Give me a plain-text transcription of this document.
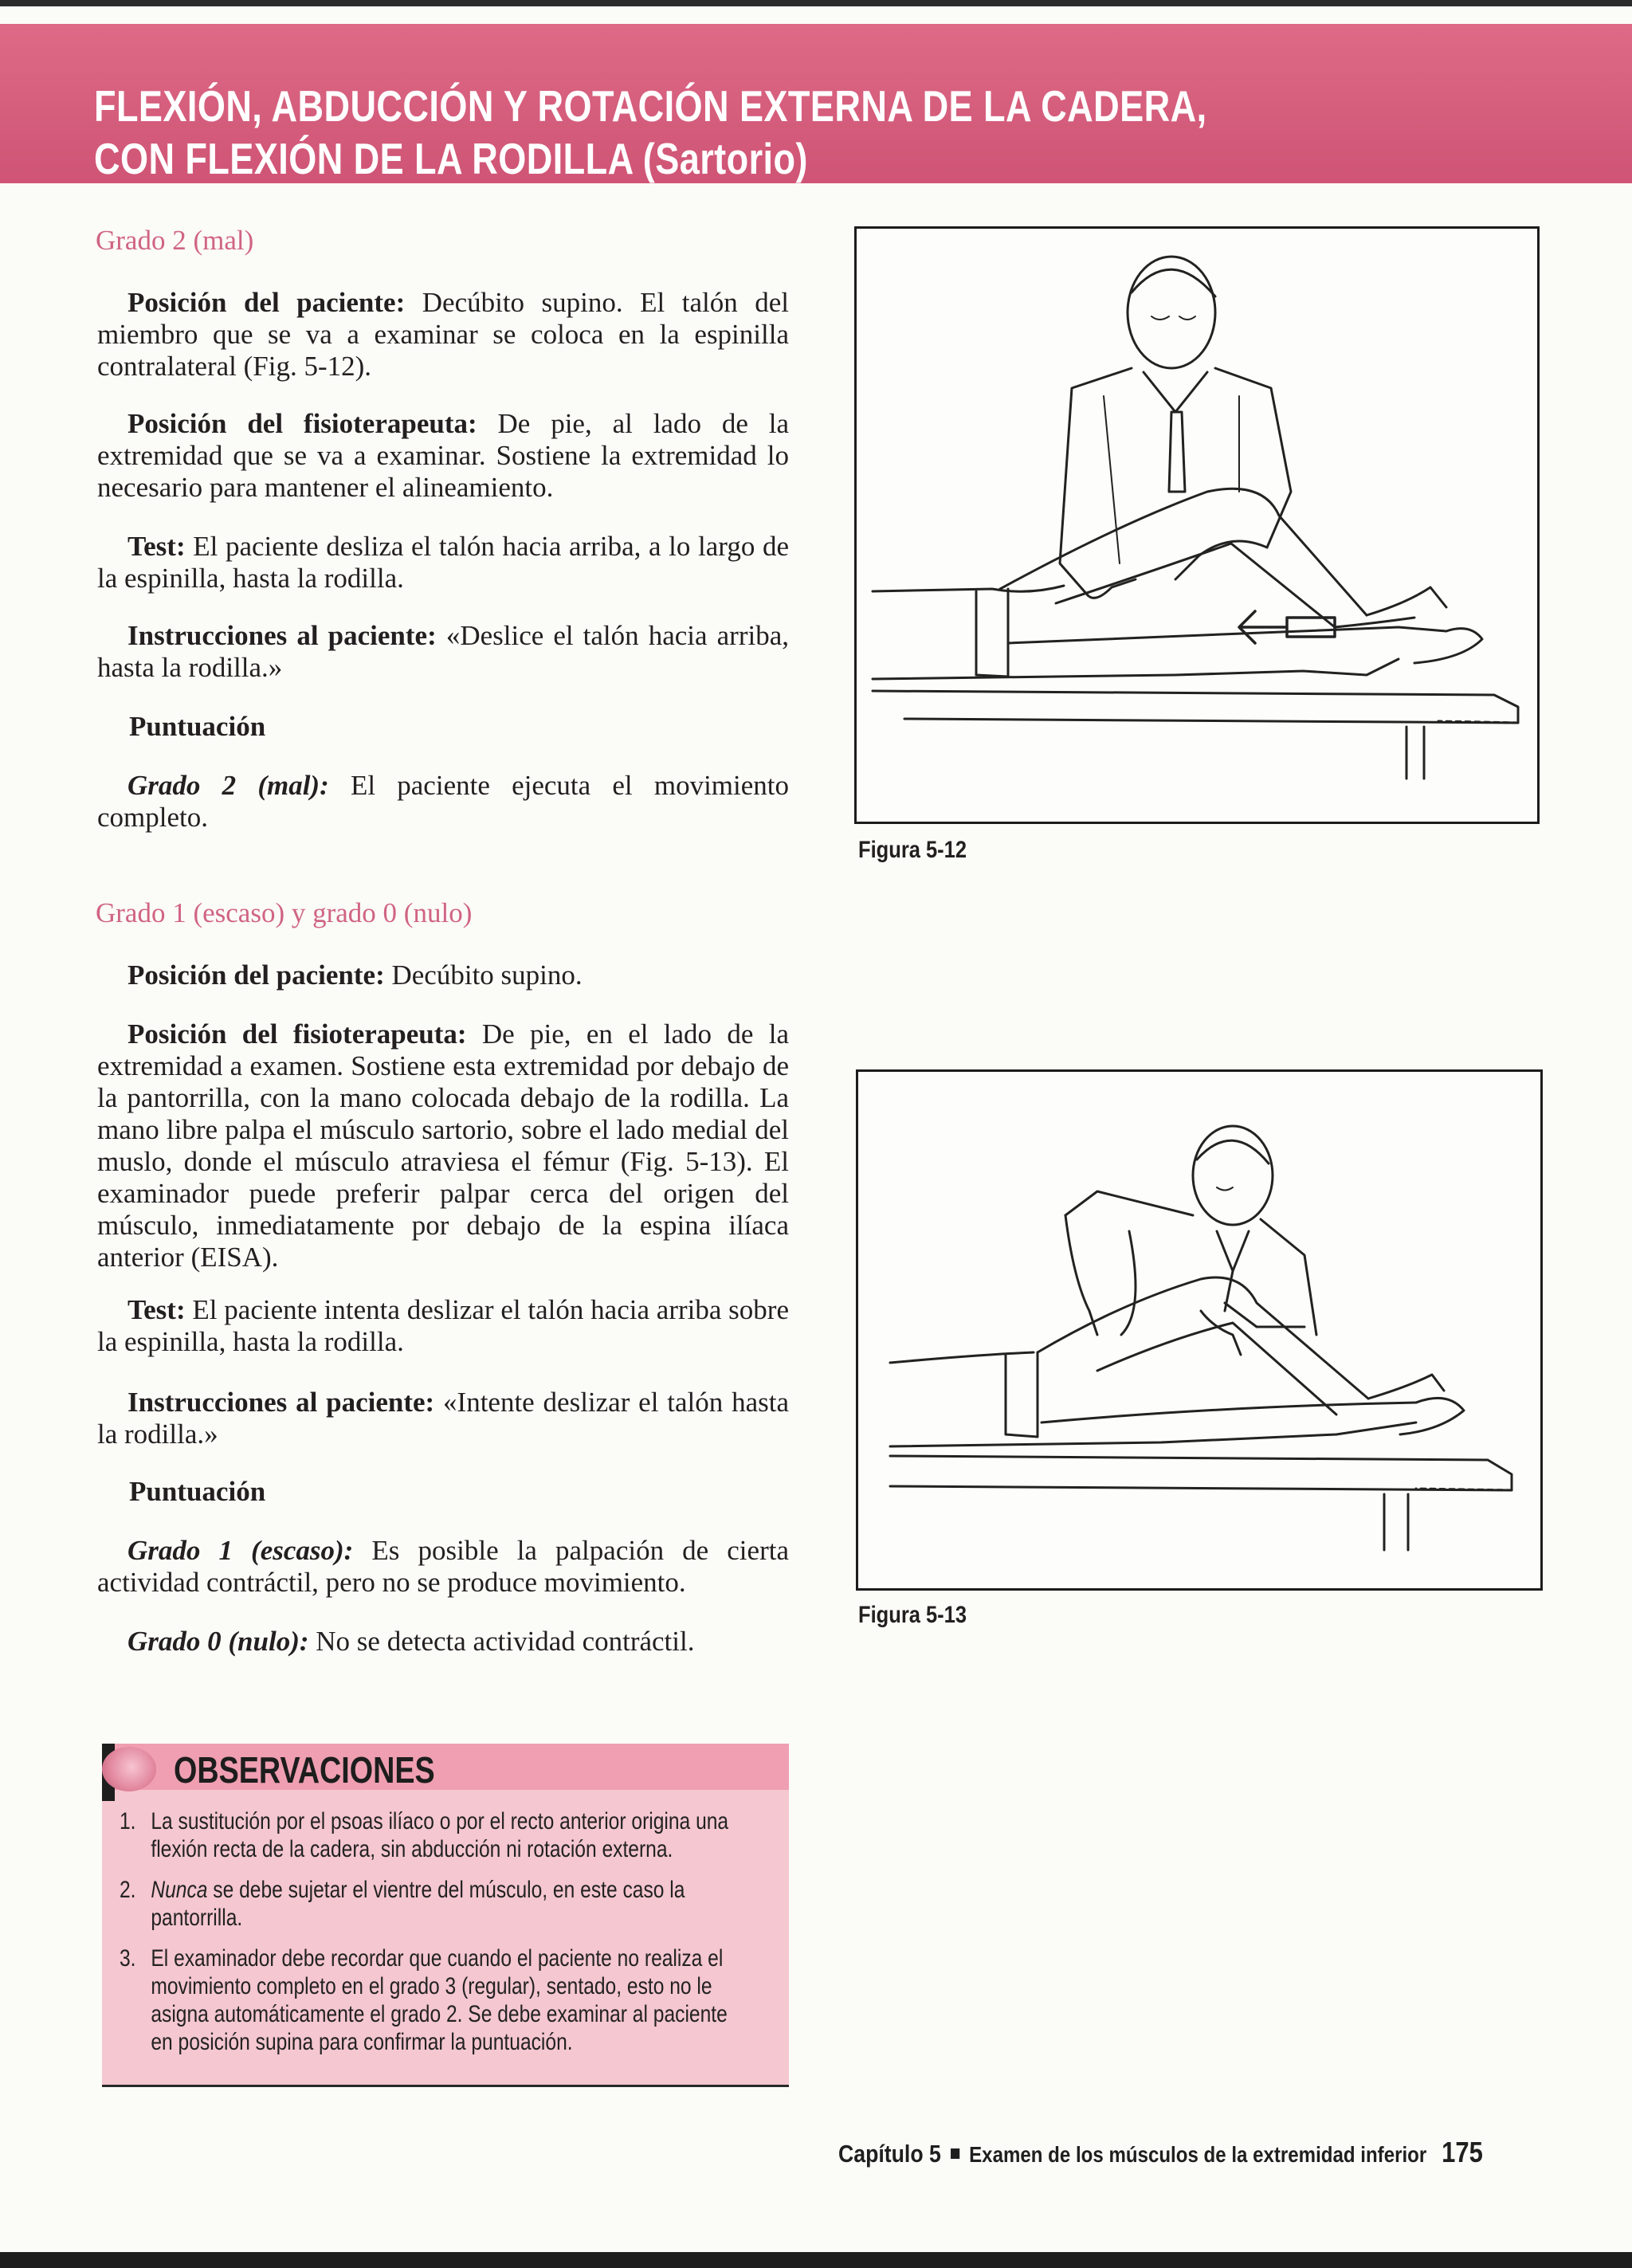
FLEXIÓN, ABDUCCIÓN Y ROTACIÓN EXTERNA DE LA CADERA,
CON FLEXIÓN DE LA RODILLA (Sartorio)
Grado 2 (mal)
Posición del paciente: Decúbito supino. El talón del miembro que se va a examinar se coloca en la espinilla contralateral (Fig. 5-12).
Posición del fisioterapeuta: De pie, al lado de la extremidad que se va a examinar. Sostiene la extremidad lo necesario para mantener el alineamiento.
Test: El paciente desliza el talón hacia arriba, a lo largo de la espinilla, hasta la rodilla.
Instrucciones al paciente: «Deslice el talón hacia arriba, hasta la rodilla.»
Puntuación
Grado 2 (mal): El paciente ejecuta el movimiento completo.
Grado 1 (escaso) y grado 0 (nulo)
Posición del paciente: Decúbito supino.
Posición del fisioterapeuta: De pie, en el lado de la extremidad a examen. Sostiene esta extremidad por debajo de la pantorrilla, con la mano colocada debajo de la rodilla. La mano libre palpa el músculo sartorio, sobre el lado medial del muslo, donde el músculo atraviesa el fémur (Fig. 5-13). El examinador puede preferir palpar cerca del origen del músculo, inmediatamente por debajo de la espina ilíaca anterior (EISA).
Test: El paciente intenta deslizar el talón hacia arriba sobre la espinilla, hasta la rodilla.
Instrucciones al paciente: «Intente deslizar el talón hasta la rodilla.»
Puntuación
Grado 1 (escaso): Es posible la palpación de cierta actividad contráctil, pero no se produce movimiento.
Grado 0 (nulo): No se detecta actividad contráctil.
Figura 5-12
Figura 5-13
OBSERVACIONES
1. La sustitución por el psoas ilíaco o por el recto anterior origina una flexión recta de la cadera, sin abducción ni rotación externa.
2. Nunca se debe sujetar el vientre del músculo, en este caso la pantorrilla.
3. El examinador debe recordar que cuando el paciente no realiza el movimiento completo en el grado 3 (regular), sentado, esto no le asigna automáticamente el grado 2. Se debe examinar al paciente en posición supina para confirmar la puntuación.
Capítulo 5 Examen de los músculos de la extremidad inferior 175
